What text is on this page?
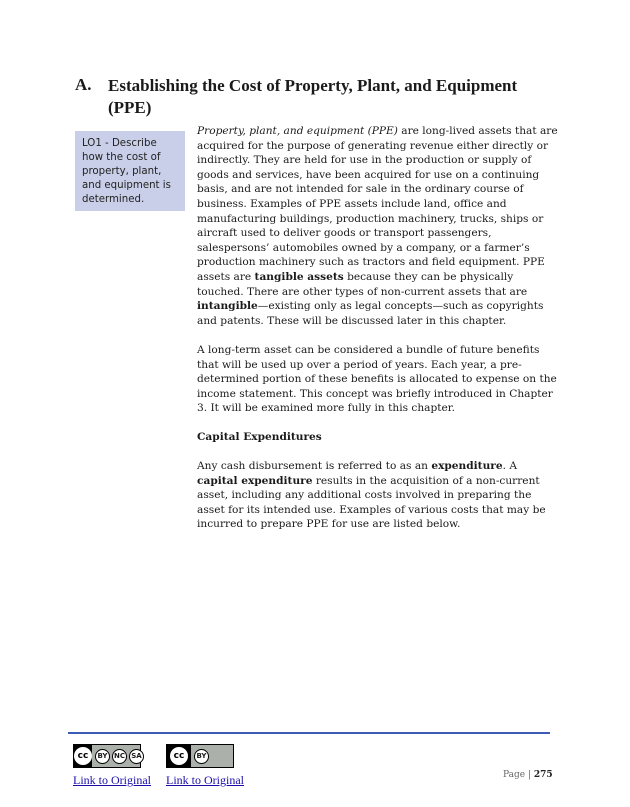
A. Establishing the Cost of Property, Plant, and Equipment (PPE)
LO1 - Describe how the cost of property, plant, and equipment is determined.

Property, plant, and equipment (PPE) are long-lived assets that are acquired for the purpose of generating revenue either directly or indirectly. They are held for use in the production or supply of goods and services, have been acquired for use on a continuing basis, and are not intended for sale in the ordinary course of business. Examples of PPE assets include land, office and manufacturing buildings, production machinery, trucks, ships or aircraft used to deliver goods or transport passengers, salespersons’ automobiles owned by a company, or a farmer’s production machinery such as tractors and field equipment. PPE assets are tangible assets because they can be physically touched. There are other types of non-current assets that are intangible—existing only as legal concepts—such as copyrights and patents. These will be discussed later in this chapter.

A long-term asset can be considered a bundle of future benefits that will be used up over a period of years. Each year, a pre-determined portion of these benefits is allocated to expense on the income statement. This concept was briefly introduced in Chapter 3. It will be examined more fully in this chapter.

Capital Expenditures

Any cash disbursement is referred to as an expenditure. A capital expenditure results in the acquisition of a non-current asset, including any additional costs involved in preparing the asset for its intended use. Examples of various costs that may be incurred to prepare PPE for use are listed below.

cc	BY NC SA
Link to Original
cc	BY
Link to Original	Page | 275
